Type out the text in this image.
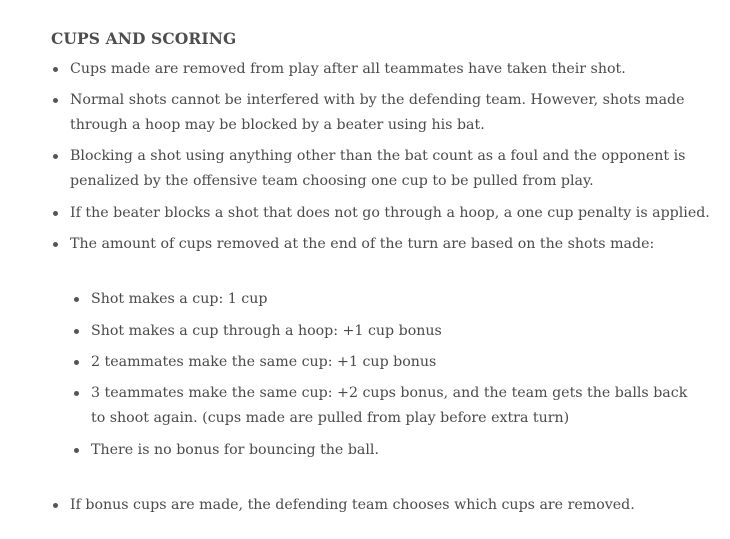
CUPS AND SCORING
Cups made are removed from play after all teammates have taken their shot.
Normal shots cannot be interfered with by the defending team. However, shots made through a hoop may be blocked by a beater using his bat.
Blocking a shot using anything other than the bat count as a foul and the opponent is penalized by the offensive team choosing one cup to be pulled from play.
If the beater blocks a shot that does not go through a hoop, a one cup penalty is applied.
The amount of cups removed at the end of the turn are based on the shots made:
Shot makes a cup: 1 cup
Shot makes a cup through a hoop: +1 cup bonus
2 teammates make the same cup: +1 cup bonus
3 teammates make the same cup: +2 cups bonus, and the team gets the balls back to shoot again. (cups made are pulled from play before extra turn)
There is no bonus for bouncing the ball.
If bonus cups are made, the defending team chooses which cups are removed.
